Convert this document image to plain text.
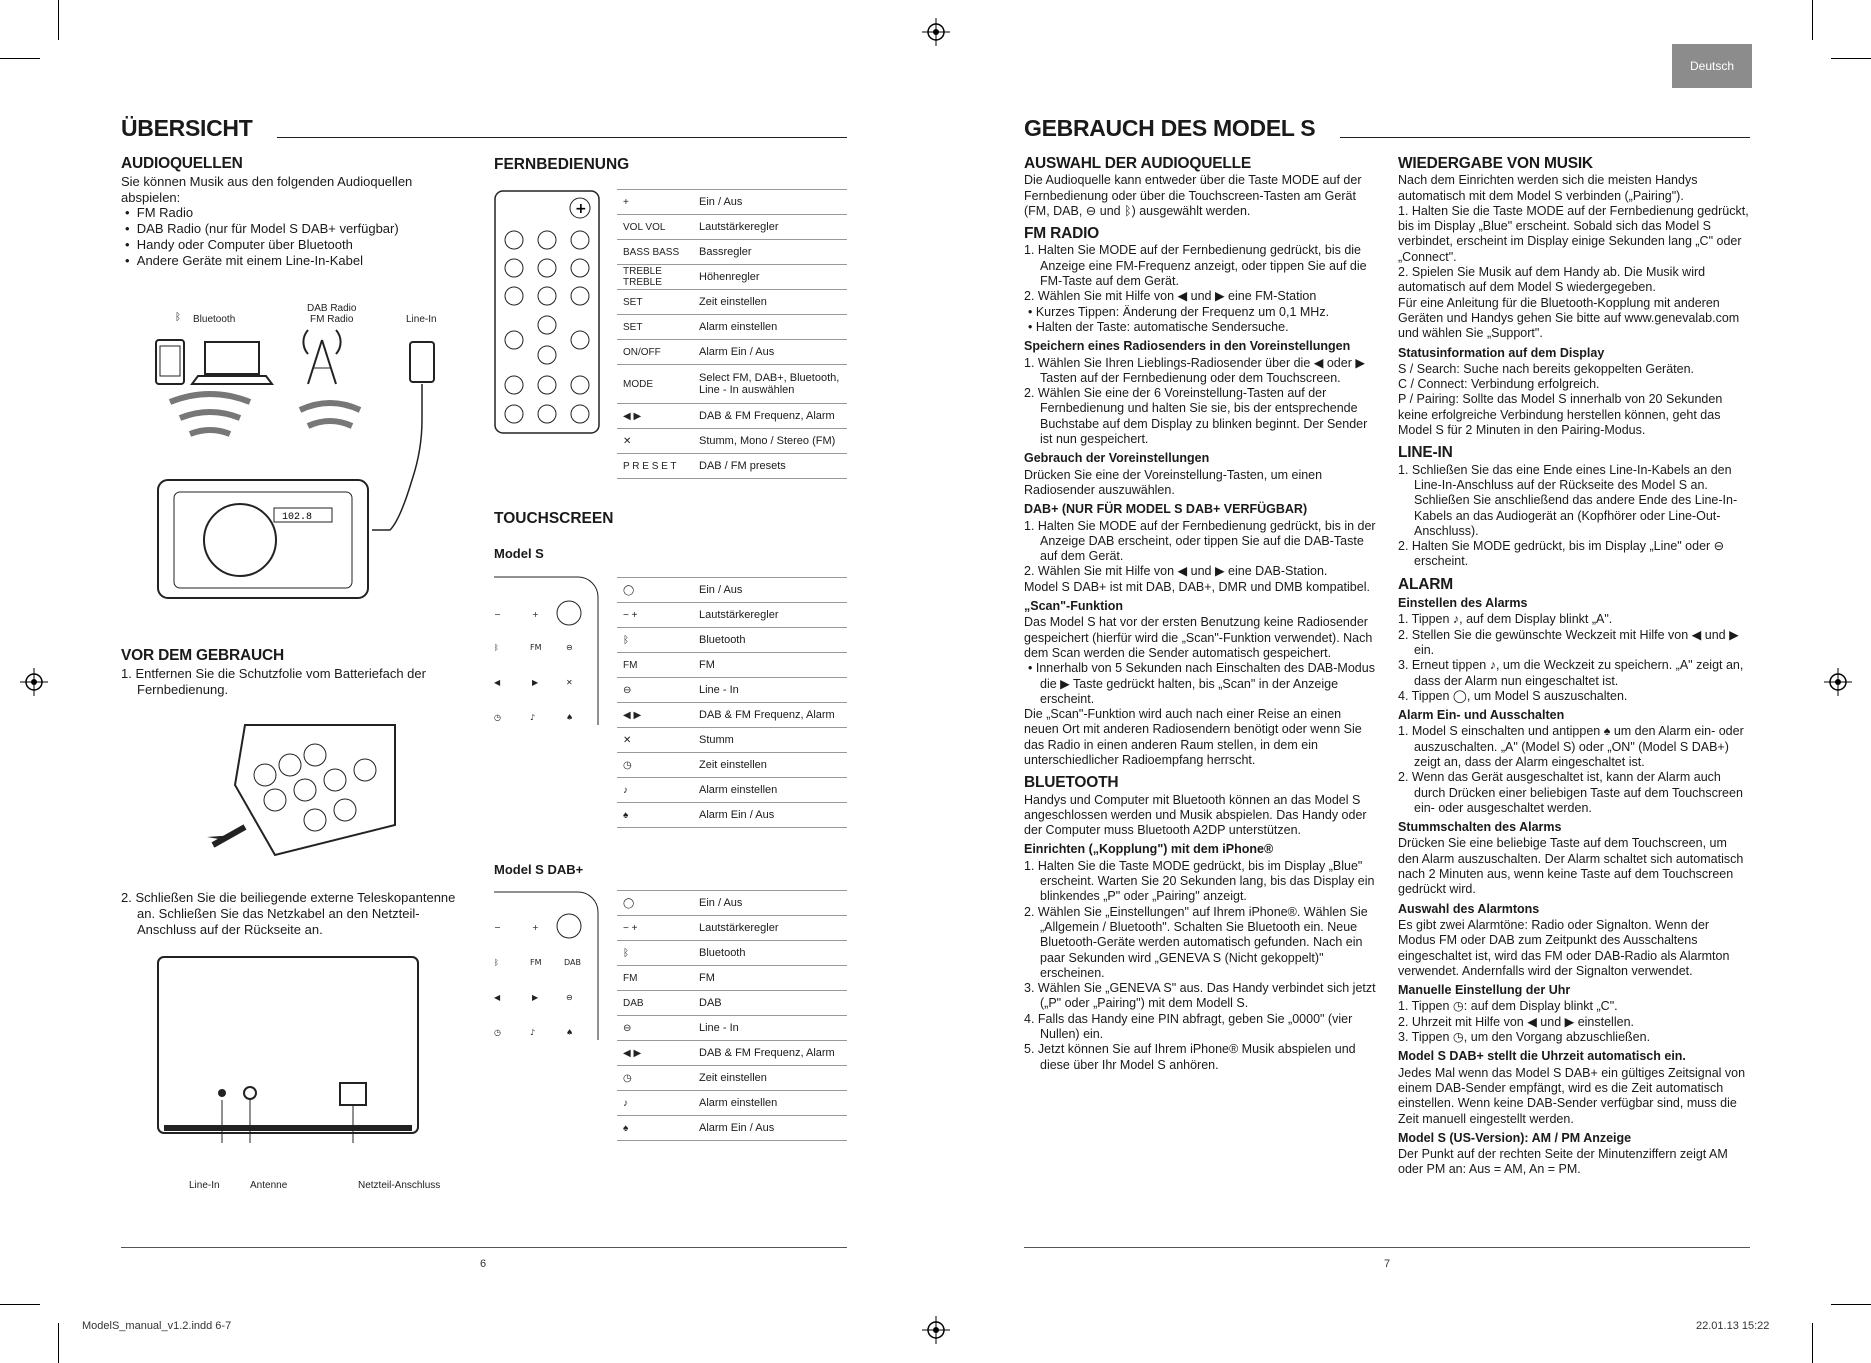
Deutsch
ÜBERSICHT
AUDIOQUELLEN

Sie können Musik aus den folgenden Audioquellen abspielen:

•  FM Radio

•  DAB Radio (nur für Model S DAB+ verfügbar)

•  Handy oder Computer über Bluetooth

•  Andere Geräte mit einem Line-In-Kabel

102.8
ᛒ Bluetooth
DAB Radio
FM Radio	Line-In
VOR DEM GEBRAUCH

1. Entfernen Sie die Schutzfolie vom Batteriefach der Fernbedienung.

2. Schließen Sie die beiliegende externe Teleskopantenne an. Schließen Sie das Netzkabel an den Netzteil-Anschluss auf der Rückseite an.

Line-In	Antenne	Netzteil-Anschluss
FERNBEDIENUNG
+	+	Ein / Aus
VOL VOL	Lautstärkeregler
BASS BASS	Bassregler
TREBLE TREBLE	Höhenregler
SET	Zeit einstellen
SET	Alarm einstellen
ON/OFF	Alarm Ein / Aus
MODE	Select FM, DAB+, Bluetooth, Line - In auswählen
◀ ▶	DAB & FM Frequenz, Alarm
✕	Stumm, Mono / Stereo (FM)
P R E S E T	DAB / FM presets
TOUCHSCREEN
Model S
−	+
ᛒ	FM	⊖
◀	▶	✕
◷	♪	♠
◯	Ein / Aus
− +	Lautstärkeregler
ᛒ	Bluetooth
FM	FM
⊖	Line - In
◀ ▶	DAB & FM Frequenz, Alarm
✕	Stumm
◷	Zeit einstellen
♪	Alarm einstellen
♠	Alarm Ein / Aus
Model S DAB+
−	+
ᛒ	FM	DAB
◀	▶	⊖
◷	♪	♠
◯	Ein / Aus
− +	Lautstärkeregler
ᛒ	Bluetooth
FM	FM
DAB	DAB
⊖	Line - In
◀ ▶	DAB & FM Frequenz, Alarm
◷	Zeit einstellen
♪	Alarm einstellen
♠	Alarm Ein / Aus
6
GEBRAUCH DES MODEL S
AUSWAHL DER AUDIOQUELLE

Die Audioquelle kann entweder über die Taste MODE auf der Fernbedienung oder über die Touchscreen-Tasten am Gerät (FM, DAB, ⊖ und ᛒ) ausgewählt werden.

FM RADIO

1. Halten Sie MODE auf der Fernbedienung gedrückt, bis die Anzeige eine FM-Frequenz anzeigt, oder tippen Sie auf die FM-Taste auf dem Gerät.

2. Wählen Sie mit Hilfe von ◀ und ▶ eine FM-Station

• Kurzes Tippen: Änderung der Frequenz um 0,1 MHz.

• Halten der Taste: automatische Sendersuche.

Speichern eines Radiosenders in den Voreinstellungen

1. Wählen Sie Ihren Lieblings-Radiosender über die ◀ oder ▶ Tasten auf der Fernbedienung oder dem Touchscreen.

2. Wählen Sie eine der 6 Voreinstellung-Tasten auf der Fernbedienung und halten Sie sie, bis der entsprechende Buchstabe auf dem Display zu blinken beginnt. Der Sender ist nun gespeichert.

Gebrauch der Voreinstellungen

Drücken Sie eine der Voreinstellung-Tasten, um einen Radiosender auszuwählen.

DAB+ (NUR FÜR MODEL S DAB+ VERFÜGBAR)

1. Halten Sie MODE auf der Fernbedienung gedrückt, bis in der Anzeige DAB erscheint, oder tippen Sie auf die DAB-Taste auf dem Gerät.

2. Wählen Sie mit Hilfe von ◀ und ▶ eine DAB-Station.

Model S DAB+ ist mit DAB, DAB+, DMR und DMB kompatibel.

„Scan"-Funktion

Das Model S hat vor der ersten Benutzung keine Radiosender gespeichert (hierfür wird die „Scan"-Funktion verwendet). Nach dem Scan werden die Sender automatisch gespeichert.

• Innerhalb von 5 Sekunden nach Einschalten des DAB-Modus die ▶ Taste gedrückt halten, bis „Scan" in der Anzeige erscheint.

Die „Scan"-Funktion wird auch nach einer Reise an einen neuen Ort mit anderen Radiosendern benötigt oder wenn Sie das Radio in einen anderen Raum stellen, in dem ein unterschiedlicher Radioempfang herrscht.

BLUETOOTH

Handys und Computer mit Bluetooth können an das Model S angeschlossen werden und Musik abspielen. Das Handy oder der Computer muss Bluetooth A2DP unterstützen.

Einrichten („Kopplung") mit dem iPhone®

1. Halten Sie die Taste MODE gedrückt, bis im Display „Blue" erscheint. Warten Sie 20 Sekunden lang, bis das Display ein blinkendes „P" oder „Pairing" anzeigt.

2. Wählen Sie „Einstellungen" auf Ihrem iPhone®. Wählen Sie „Allgemein / Bluetooth". Schalten Sie Bluetooth ein. Neue Bluetooth-Geräte werden automatisch gefunden. Nach ein paar Sekunden wird „GENEVA S (Nicht gekoppelt)" erscheinen.

3. Wählen Sie „GENEVA S" aus. Das Handy verbindet sich jetzt („P" oder „Pairing") mit dem Modell S.

4. Falls das Handy eine PIN abfragt, geben Sie „0000" (vier Nullen) ein.

5. Jetzt können Sie auf Ihrem iPhone® Musik abspielen und diese über Ihr Model S anhören.

WIEDERGABE VON MUSIK

Nach dem Einrichten werden sich die meisten Handys automatisch mit dem Model S verbinden („Pairing").

1. Halten Sie die Taste MODE auf der Fernbedienung gedrückt, bis im Display „Blue" erscheint. Sobald sich das Model S verbindet, erscheint im Display einige Sekunden lang „C" oder „Connect".

2. Spielen Sie Musik auf dem Handy ab. Die Musik wird automatisch auf dem Model S wiedergegeben.

Für eine Anleitung für die Bluetooth-Kopplung mit anderen Geräten und Handys gehen Sie bitte auf www.genevalab.com und wählen Sie „Support".

Statusinformation auf dem Display

S / Search: Suche nach bereits gekoppelten Geräten.

C / Connect: Verbindung erfolgreich.

P / Pairing: Sollte das Model S innerhalb von 20 Sekunden keine erfolgreiche Verbindung herstellen können, geht das Model S für 2 Minuten in den Pairing-Modus.

LINE-IN

1. Schließen Sie das eine Ende eines Line-In-Kabels an den Line-In-Anschluss auf der Rückseite des Model S an. Schließen Sie anschließend das andere Ende des Line-In-Kabels an das Audiogerät an (Kopfhörer oder Line-Out-Anschluss).

2. Halten Sie MODE gedrückt, bis im Display „Line" oder ⊖ erscheint.

ALARM
Einstellen des Alarms

1. Tippen ♪, auf dem Display blinkt „A".

2. Stellen Sie die gewünschte Weckzeit mit Hilfe von ◀ und ▶ ein.

3. Erneut tippen ♪, um die Weckzeit zu speichern. „A" zeigt an, dass der Alarm nun eingeschaltet ist.

4. Tippen ◯, um Model S auszuschalten.

Alarm Ein- und Ausschalten

1. Model S einschalten und antippen ♠ um den Alarm ein- oder auszuschalten. „A" (Model S) oder „ON" (Model S DAB+) zeigt an, dass der Alarm eingeschaltet ist.

2. Wenn das Gerät ausgeschaltet ist, kann der Alarm auch durch Drücken einer beliebigen Taste auf dem Touchscreen ein- oder ausgeschaltet werden.

Stummschalten des Alarms

Drücken Sie eine beliebige Taste auf dem Touchscreen, um den Alarm auszuschalten. Der Alarm schaltet sich automatisch nach 2 Minuten aus, wenn keine Taste auf dem Touchscreen gedrückt wird.

Auswahl des Alarmtons

Es gibt zwei Alarmtöne: Radio oder Signalton. Wenn der Modus FM oder DAB zum Zeitpunkt des Ausschaltens eingeschaltet ist, wird das FM oder DAB-Radio als Alarmton verwendet. Andernfalls wird der Signalton verwendet.

Manuelle Einstellung der Uhr

1. Tippen ◷: auf dem Display blinkt „C".

2. Uhrzeit mit Hilfe von ◀ und ▶ einstellen.

3. Tippen ◷, um den Vorgang abzuschließen.

Model S DAB+ stellt die Uhrzeit automatisch ein.

Jedes Mal wenn das Model S DAB+ ein gültiges Zeitsignal von einem DAB-Sender empfängt, wird es die Zeit automatisch einstellen. Wenn keine DAB-Sender verfügbar sind, muss die Zeit manuell eingestellt werden.

Model S (US-Version): AM / PM Anzeige

Der Punkt auf der rechten Seite der Minutenziffern zeigt AM oder PM an: Aus = AM, An = PM.

7
ModelS_manual_v1.2.indd 6-7	22.01.13 15:22
